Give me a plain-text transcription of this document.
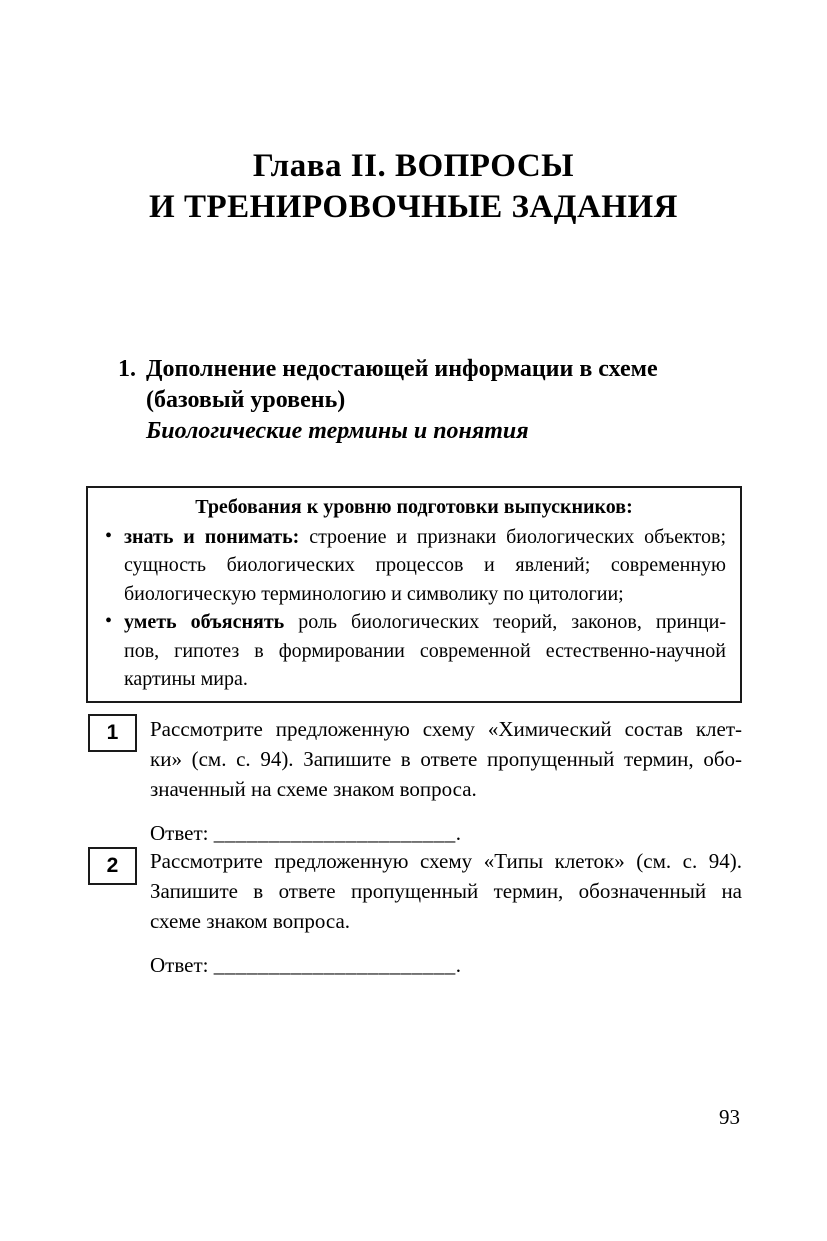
Глава II. ВОПРОСЫ
И ТРЕНИРОВОЧНЫЕ ЗАДАНИЯ
1. Дополнение недостающей информации в схеме
(базовый уровень)
Биологические термины и понятия
Требования к уровню подготовки выпускников:
• знать и понимать: строение и признаки биологических объектов;
сущность биологических процессов и явлений; современную
биологическую терминологию и символику по цитологии;
• уметь объяснять роль биологических теорий, законов, принци-
пов, гипотез в формировании современной естественно-научной
картины мира.
1 Рассмотрите предложенную схему «Химический состав клет-
ки» (см. с. 94). Запишите в ответе пропущенный термин, обо-
значенный на схеме знаком вопроса.
Ответ: ______________________.
2 Рассмотрите предложенную схему «Типы клеток» (см. с. 94).
Запишите в ответе пропущенный термин, обозначенный на
схеме знаком вопроса.
Ответ: ______________________.
93
